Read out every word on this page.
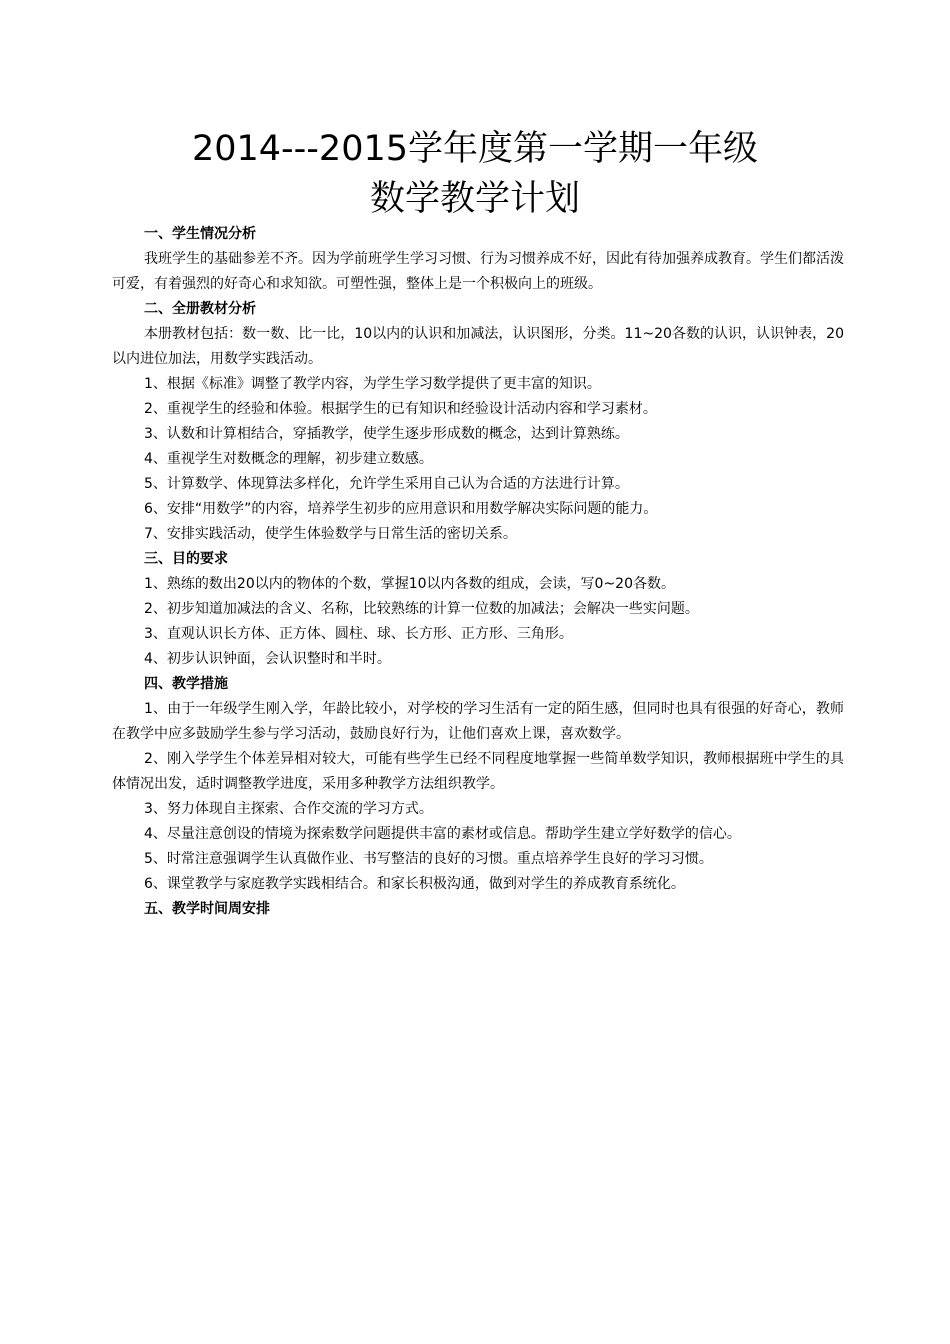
2014---2015学年度第一学期一年级
数学教学计划

一、学生情况分析

我班学生的基础参差不齐。因为学前班学生学习习惯、行为习惯养成不好，因此有待加强养成教育。学生们都活泼可爱，有着强烈的好奇心和求知欲。可塑性强，整体上是一个积极向上的班级。

二、全册教材分析

本册教材包括：数一数、比一比，10以内的认识和加减法，认识图形，分类。11~20各数的认识，认识钟表，20以内进位加法，用数学实践活动。

1、根据《标准》调整了教学内容，为学生学习数学提供了更丰富的知识。

2、重视学生的经验和体验。根据学生的已有知识和经验设计活动内容和学习素材。

3、认数和计算相结合，穿插教学，使学生逐步形成数的概念，达到计算熟练。

4、重视学生对数概念的理解，初步建立数感。

5、计算数学、体现算法多样化，允许学生采用自己认为合适的方法进行计算。

6、安排“用数学”的内容，培养学生初步的应用意识和用数学解决实际问题的能力。

7、安排实践活动，使学生体验数学与日常生活的密切关系。

三、目的要求

1、熟练的数出20以内的物体的个数，掌握10以内各数的组成，会读，写0~20各数。

2、初步知道加减法的含义、名称，比较熟练的计算一位数的加减法；会解决一些实问题。

3、直观认识长方体、正方体、圆柱、球、长方形、正方形、三角形。

4、初步认识钟面，会认识整时和半时。

四、教学措施

1、由于一年级学生刚入学，年龄比较小，对学校的学习生活有一定的陌生感，但同时也具有很强的好奇心，教师在教学中应多鼓励学生参与学习活动，鼓励良好行为，让他们喜欢上课，喜欢数学。

2、刚入学学生个体差异相对较大，可能有些学生已经不同程度地掌握一些简单数学知识，教师根据班中学生的具体情况出发，适时调整教学进度，采用多种教学方法组织教学。

3、努力体现自主探索、合作交流的学习方式。

4、尽量注意创设的情境为探索数学问题提供丰富的素材或信息。帮助学生建立学好数学的信心。

5、时常注意强调学生认真做作业、书写整洁的良好的习惯。重点培养学生良好的学习习惯。

6、课堂教学与家庭教学实践相结合。和家长积极沟通，做到对学生的养成教育系统化。

五、教学时间周安排
